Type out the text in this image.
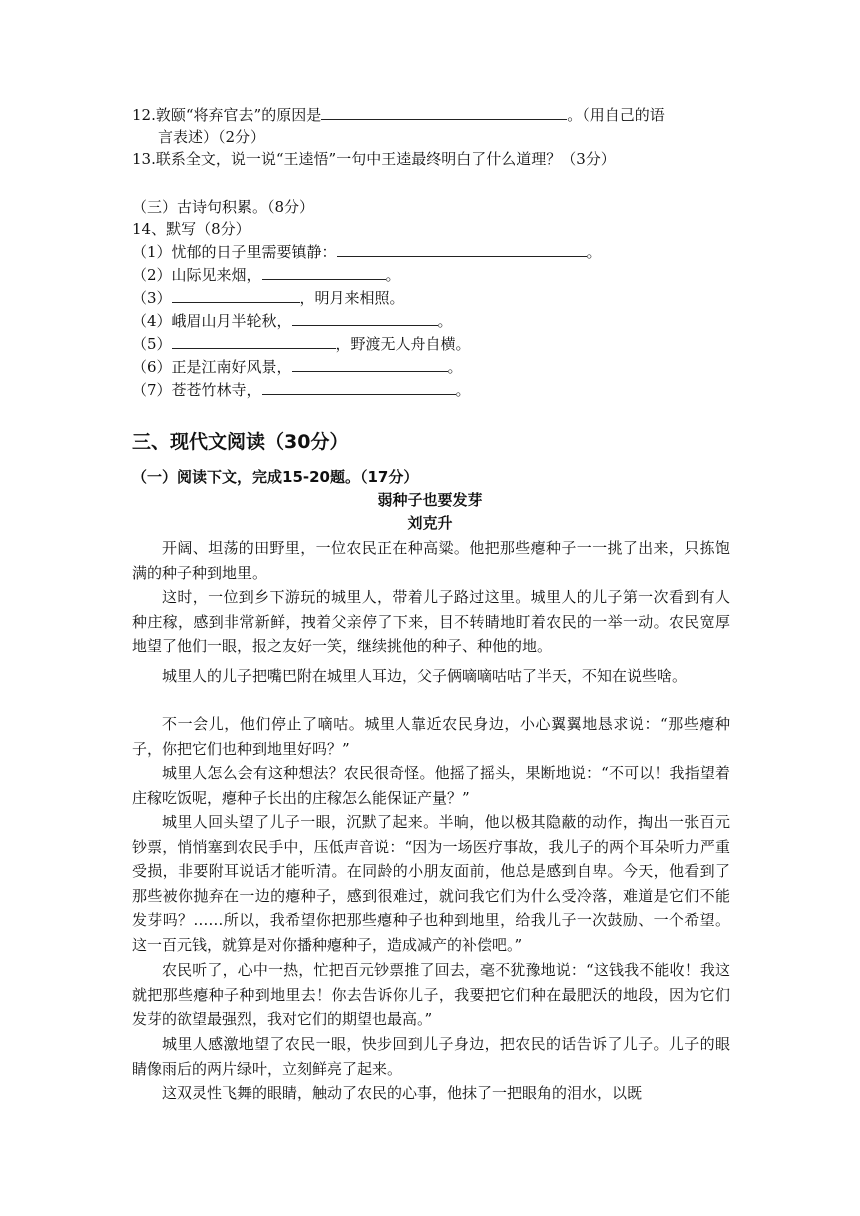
12.敦颐“将弃官去”的原因是	。（用自己的语
言表述）（2分）
13.联系全文，说一说“王逵悟”一句中王逵最终明白了什么道理？（3分）
（三）古诗句积累。（8分）
14、默写（8分）
（1）忧郁的日子里需要镇静：	。
（2）山际见来烟，	。
（3）	，明月来相照。
（4）峨眉山月半轮秋，	。
（5）	，野渡无人舟自横。
（6）正是江南好风景，	。
（7）苍苍竹林寺，	。
三、现代文阅读（30分）
（一）阅读下文，完成15-20题。（17分）
弱种子也要发芽
刘克升

开阔、坦荡的田野里，一位农民正在种高粱。他把那些瘪种子一一挑了出来，只拣饱满的种子种到地里。

这时，一位到乡下游玩的城里人，带着儿子路过这里。城里人的儿子第一次看到有人种庄稼，感到非常新鲜，拽着父亲停了下来，目不转睛地盯着农民的一举一动。农民宽厚地望了他们一眼，报之友好一笑，继续挑他的种子、种他的地。

城里人的儿子把嘴巴附在城里人耳边，父子俩嘀嘀咕咕了半天，不知在说些啥。

不一会儿，他们停止了嘀咕。城里人靠近农民身边，小心翼翼地恳求说：“那些瘪种子，你把它们也种到地里好吗？”

城里人怎么会有这种想法？农民很奇怪。他摇了摇头，果断地说：“不可以！我指望着庄稼吃饭呢，瘪种子长出的庄稼怎么能保证产量？”

城里人回头望了儿子一眼，沉默了起来。半晌，他以极其隐蔽的动作，掏出一张百元钞票，悄悄塞到农民手中，压低声音说：“因为一场医疗事故，我儿子的两个耳朵听力严重受损，非要附耳说话才能听清。在同龄的小朋友面前，他总是感到自卑。今天，他看到了那些被你抛弃在一边的瘪种子，感到很难过，就问我它们为什么受冷落，难道是它们不能发芽吗？……所以，我希望你把那些瘪种子也种到地里，给我儿子一次鼓励、一个希望。这一百元钱，就算是对你播种瘪种子，造成减产的补偿吧。”

农民听了，心中一热，忙把百元钞票推了回去，毫不犹豫地说：“这钱我不能收！我这就把那些瘪种子种到地里去！你去告诉你儿子，我要把它们种在最肥沃的地段，因为它们发芽的欲望最强烈，我对它们的期望也最高。”

城里人感激地望了农民一眼，快步回到儿子身边，把农民的话告诉了儿子。儿子的眼睛像雨后的两片绿叶，立刻鲜亮了起来。

这双灵性飞舞的眼睛，触动了农民的心事，他抹了一把眼角的泪水，以既
